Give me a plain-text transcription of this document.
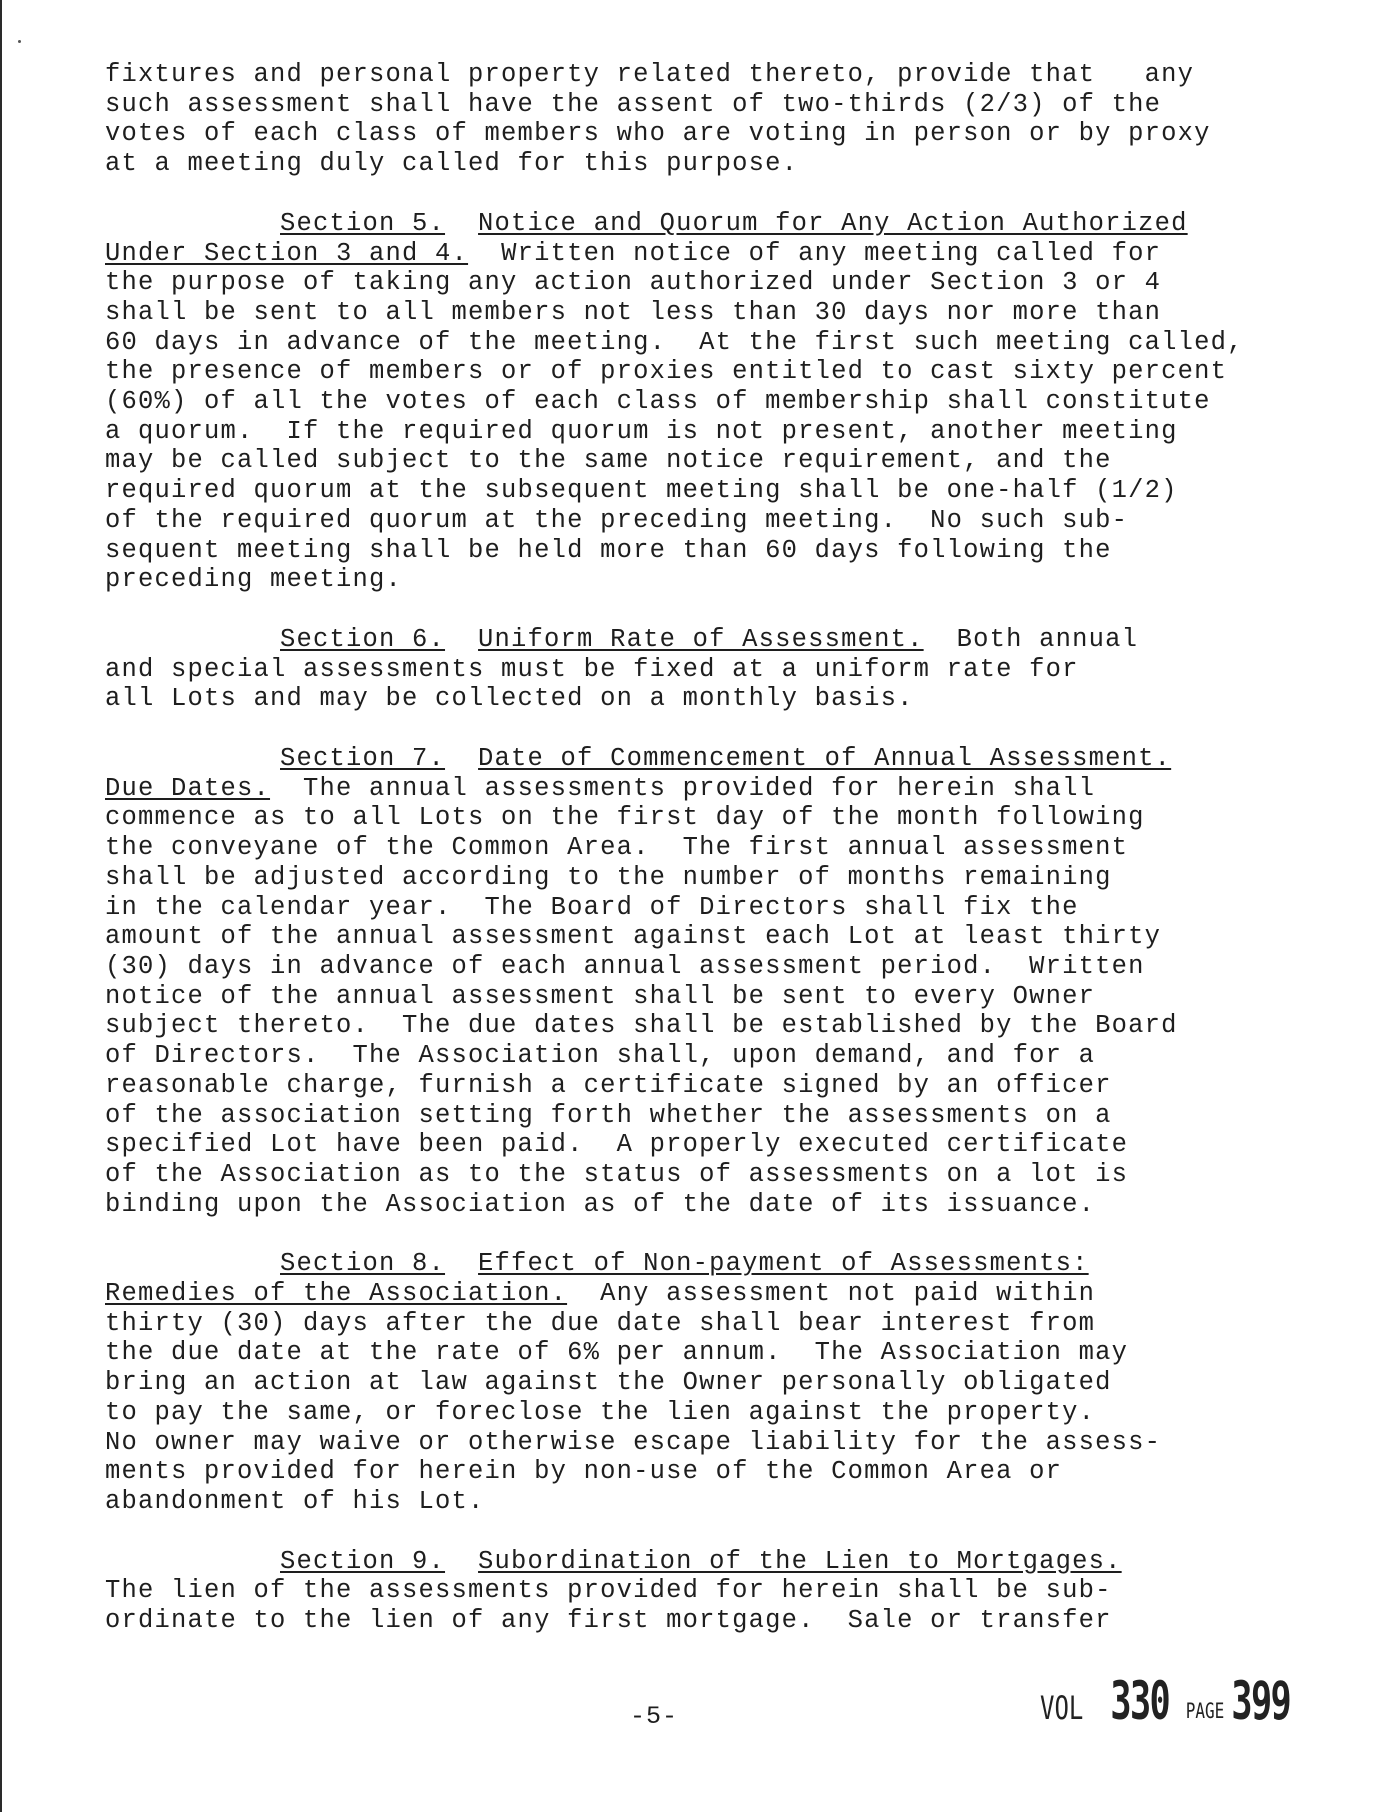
fixtures and personal property related thereto, provide that   any
such assessment shall have the assent of two-thirds (2/3) of the
votes of each class of members who are voting in person or by proxy
at a meeting duly called for this purpose.
Section 5. Notice and Quorum for Any Action Authorized
Under Section 3 and 4.  Written notice of any meeting called for
the purpose of taking any action authorized under Section 3 or 4
shall be sent to all members not less than 30 days nor more than
60 days in advance of the meeting.  At the first such meeting called,
the presence of members or of proxies entitled to cast sixty percent
(60%) of all the votes of each class of membership shall constitute
a quorum.  If the required quorum is not present, another meeting
may be called subject to the same notice requirement, and the
required quorum at the subsequent meeting shall be one-half (1/2)
of the required quorum at the preceding meeting.  No such sub-
sequent meeting shall be held more than 60 days following the
preceding meeting.
Section 6. Uniform Rate of Assessment.  Both annual
and special assessments must be fixed at a uniform rate for
all Lots and may be collected on a monthly basis.
Section 7. Date of Commencement of Annual Assessment.
Due Dates.  The annual assessments provided for herein shall
commence as to all Lots on the first day of the month following
the conveyane of the Common Area.  The first annual assessment
shall be adjusted according to the number of months remaining
in the calendar year.  The Board of Directors shall fix the
amount of the annual assessment against each Lot at least thirty
(30) days in advance of each annual assessment period.  Written
notice of the annual assessment shall be sent to every Owner
subject thereto.  The due dates shall be established by the Board
of Directors.  The Association shall, upon demand, and for a
reasonable charge, furnish a certificate signed by an officer
of the association setting forth whether the assessments on a
specified Lot have been paid.  A properly executed certificate
of the Association as to the status of assessments on a lot is
binding upon the Association as of the date of its issuance.
Section 8. Effect of Non-payment of Assessments:
Remedies of the Association.  Any assessment not paid within
thirty (30) days after the due date shall bear interest from
the due date at the rate of 6% per annum.  The Association may
bring an action at law against the Owner personally obligated
to pay the same, or foreclose the lien against the property.
No owner may waive or otherwise escape liability for the assess-
ments provided for herein by non-use of the Common Area or
abandonment of his Lot.
Section 9. Subordination of the Lien to Mortgages.
The lien of the assessments provided for herein shall be sub-
ordinate to the lien of any first mortgage.  Sale or transfer
-5-	VOL 330 PAGE 399
